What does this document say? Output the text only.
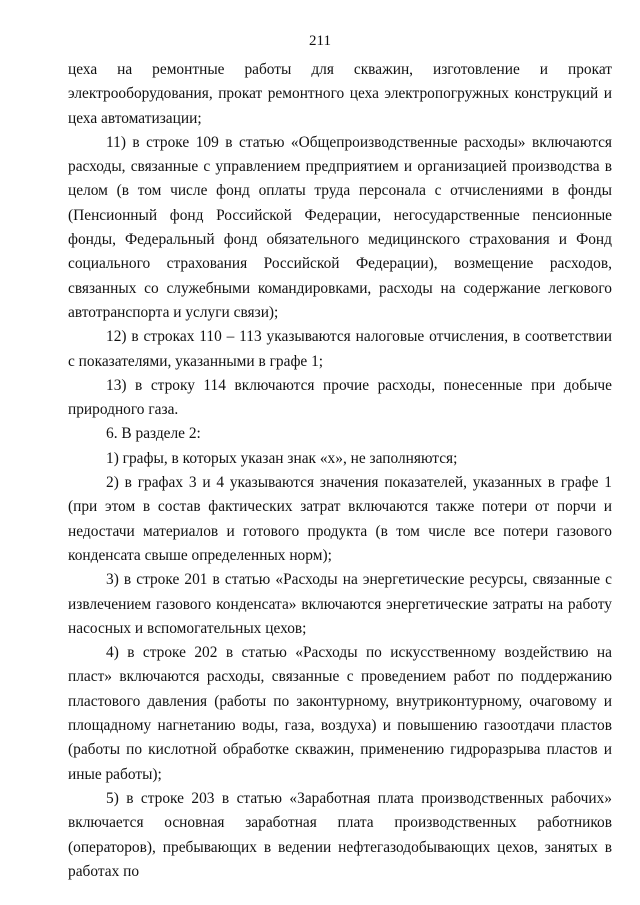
211

цеха на ремонтные работы для скважин, изготовление и прокат электрооборудования, прокат ремонтного цеха электропогружных конструкций и цеха автоматизации;

11) в строке 109 в статью «Общепроизводственные расходы» включаются расходы, связанные с управлением предприятием и организацией производства в целом (в том числе фонд оплаты труда персонала с отчислениями в фонды (Пенсионный фонд Российской Федерации, негосударственные пенсионные фонды, Федеральный фонд обязательного медицинского страхования и Фонд социального страхования Российской Федерации), возмещение расходов, связанных со служебными командировками, расходы на содержание легкового автотранспорта и услуги связи);

12) в строках 110 – 113 указываются налоговые отчисления, в соответствии с показателями, указанными в графе 1;

13) в строку 114 включаются прочие расходы, понесенные при добыче природного газа.

6. В разделе 2:

1) графы, в которых указан знак «х», не заполняются;

2) в графах 3 и 4 указываются значения показателей, указанных в графе 1 (при этом в состав фактических затрат включаются также потери от порчи и недостачи материалов и готового продукта (в том числе все потери газового конденсата свыше определенных норм);

3) в строке 201 в статью «Расходы на энергетические ресурсы, связанные с извлечением газового конденсата» включаются энергетические затраты на работу насосных и вспомогательных цехов;

4) в строке 202 в статью «Расходы по искусственному воздействию на пласт» включаются расходы, связанные с проведением работ по поддержанию пластового давления (работы по законтурному, внутриконтурному, очаговому и площадному нагнетанию воды, газа, воздуха) и повышению газоотдачи пластов (работы по кислотной обработке скважин, применению гидроразрыва пластов и иные работы);

5) в строке 203 в статью «Заработная плата производственных рабочих» включается основная заработная плата производственных работников (операторов), пребывающих в ведении нефтегазодобывающих цехов, занятых в работах по
